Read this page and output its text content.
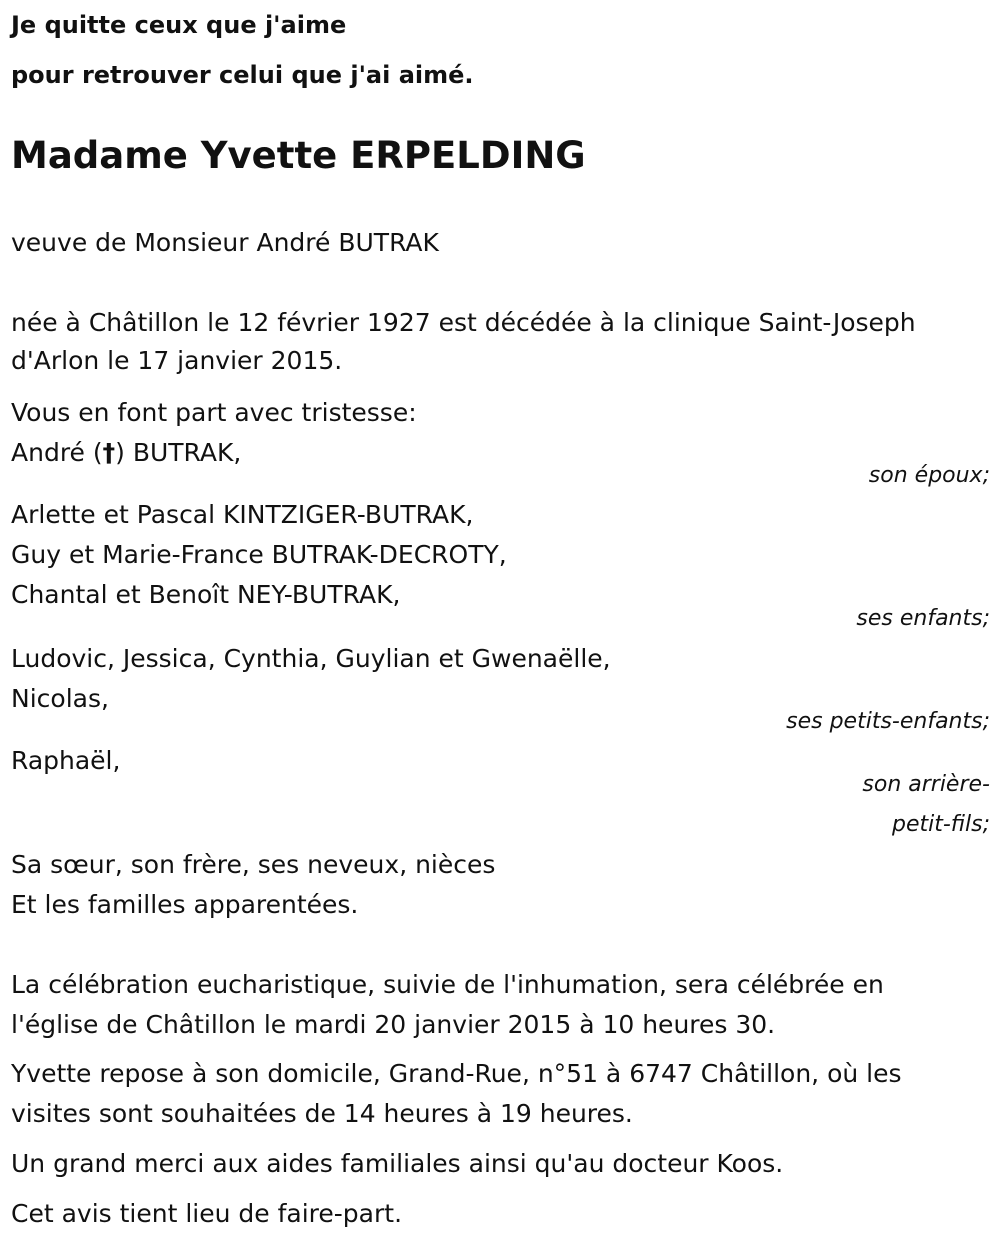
Je quitte ceux que j'aime
pour retrouver celui que j'ai aimé.
Madame Yvette ERPELDING
veuve de Monsieur André BUTRAK
née à Châtillon le 12 février 1927 est décédée à la clinique Saint-Joseph
d'Arlon le 17 janvier 2015.
Vous en font part avec tristesse:
André (†) BUTRAK,
son époux;
Arlette et Pascal KINTZIGER-BUTRAK,
Guy et Marie-France BUTRAK-DECROTY,
Chantal et Benoît NEY-BUTRAK,
ses enfants;
Ludovic, Jessica, Cynthia, Guylian et Gwenaëlle,
Nicolas,
ses petits-enfants;
Raphaël,
son arrière-
petit-fils;
Sa sœur, son frère, ses neveux, nièces
Et les familles apparentées.
La célébration eucharistique, suivie de l'inhumation, sera célébrée en
l'église de Châtillon le mardi 20 janvier 2015 à 10 heures 30.
Yvette repose à son domicile, Grand-Rue, n°51 à 6747 Châtillon, où les
visites sont souhaitées de 14 heures à 19 heures.
Un grand merci aux aides familiales ainsi qu'au docteur Koos.
Cet avis tient lieu de faire-part.
